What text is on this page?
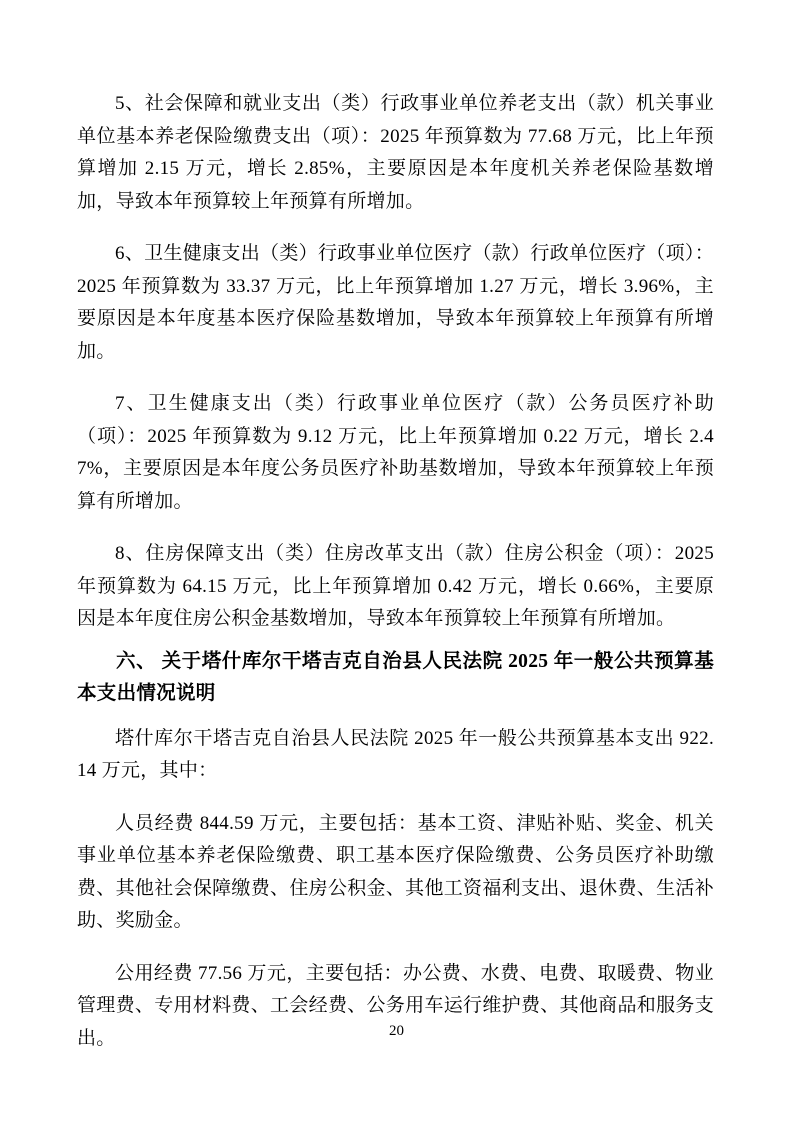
5、社会保障和就业支出（类）行政事业单位养老支出（款）机关事业单位基本养老保险缴费支出（项）：2025 年预算数为 77.68 万元，比上年预算增加 2.15 万元，增长 2.85%，主要原因是本年度机关养老保险基数增加，导致本年预算较上年预算有所增加。

6、卫生健康支出（类）行政事业单位医疗（款）行政单位医疗（项）：2025 年预算数为 33.37 万元，比上年预算增加 1.27 万元，增长 3.96%，主要原因是本年度基本医疗保险基数增加，导致本年预算较上年预算有所增加。

7、卫生健康支出（类）行政事业单位医疗（款）公务员医疗补助（项）：2025 年预算数为 9.12 万元，比上年预算增加 0.22 万元，增长 2.47%，主要原因是本年度公务员医疗补助基数增加，导致本年预算较上年预算有所增加。

8、住房保障支出（类）住房改革支出（款）住房公积金（项）：2025 年预算数为 64.15 万元，比上年预算增加 0.42 万元，增长 0.66%，主要原因是本年度住房公积金基数增加，导致本年预算较上年预算有所增加。

六、 关于塔什库尔干塔吉克自治县人民法院 2025 年一般公共预算基本支出情况说明

塔什库尔干塔吉克自治县人民法院 2025 年一般公共预算基本支出 922.14 万元，其中：

人员经费 844.59 万元，主要包括：基本工资、津贴补贴、奖金、机关事业单位基本养老保险缴费、职工基本医疗保险缴费、公务员医疗补助缴费、其他社会保障缴费、住房公积金、其他工资福利支出、退休费、生活补助、奖励金。

公用经费 77.56 万元，主要包括：办公费、水费、电费、取暖费、物业管理费、专用材料费、工会经费、公务用车运行维护费、其他商品和服务支出。	20
